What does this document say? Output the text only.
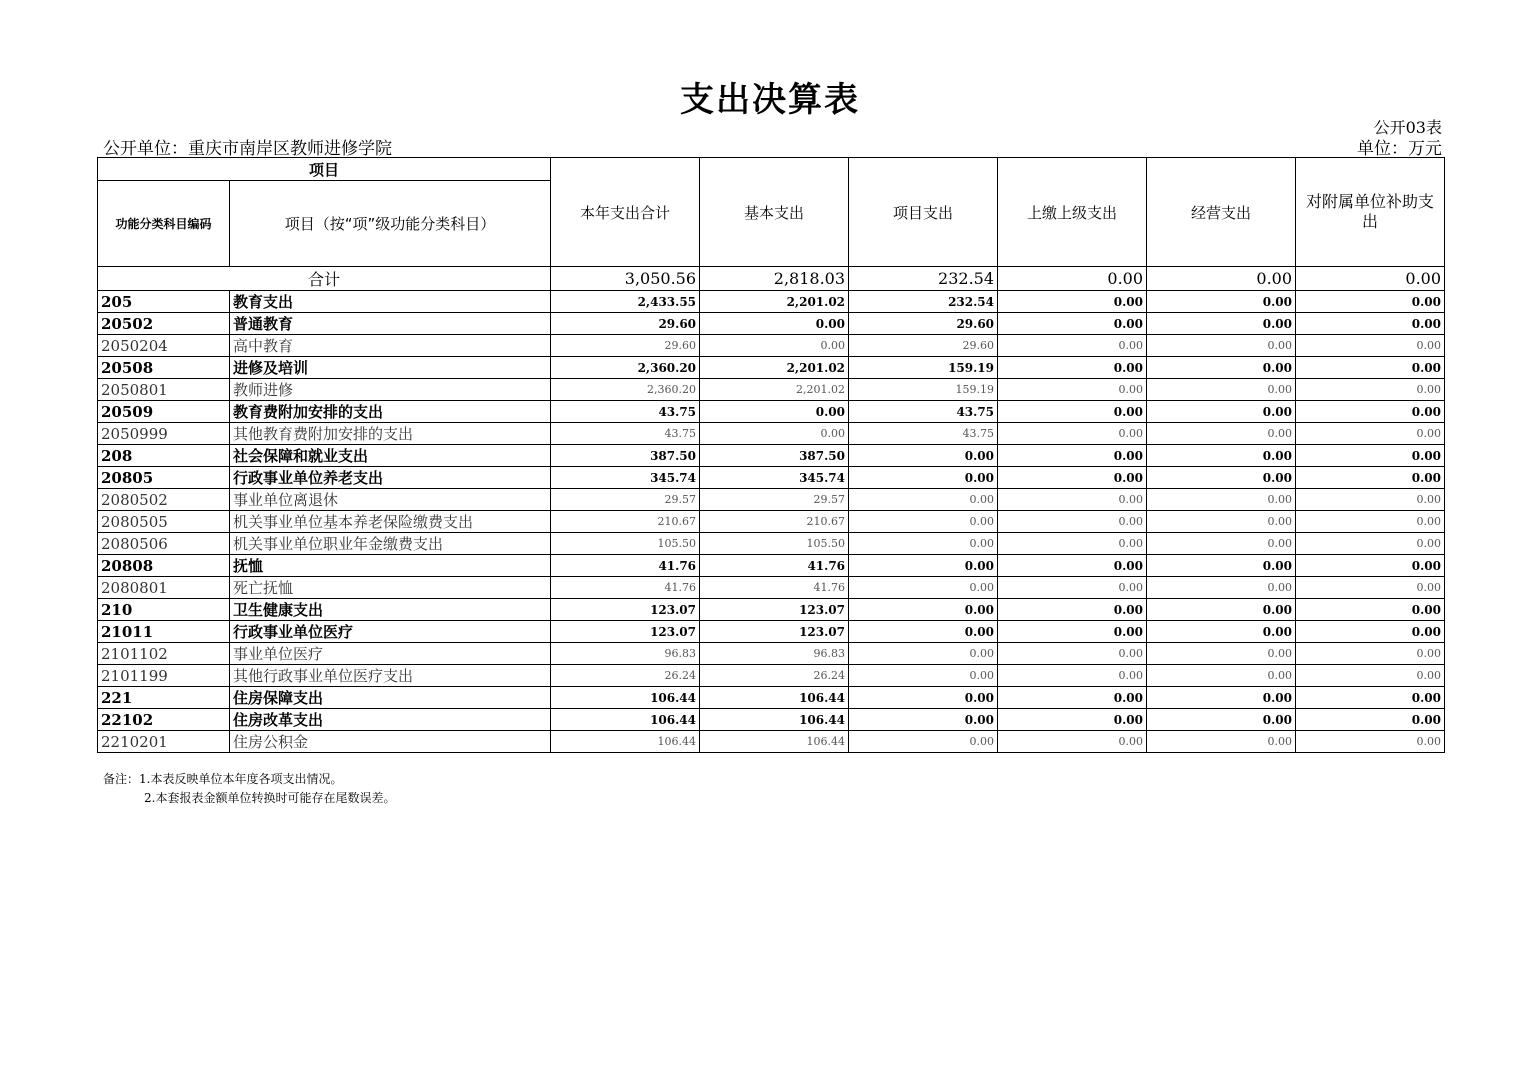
支出决算表
公开03表
公开单位：重庆市南岸区教师进修学院	单位：万元
项目		本年支出合计	基本支出	项目支出	上缴上级支出	经营支出	对附属单位补助支出
功能分类科目编码	项目（按“项”级功能分类科目）						
合计		3,050.56	2,818.03	232.54	0.00	0.00	0.00
205	教育支出	2,433.55	2,201.02	232.54	0.00	0.00	0.00
20502	普通教育	29.60	0.00	29.60	0.00	0.00	0.00
2050204	高中教育	29.60	0.00	29.60	0.00	0.00	0.00
20508	进修及培训	2,360.20	2,201.02	159.19	0.00	0.00	0.00
2050801	教师进修	2,360.20	2,201.02	159.19	0.00	0.00	0.00
20509	教育费附加安排的支出	43.75	0.00	43.75	0.00	0.00	0.00
2050999	其他教育费附加安排的支出	43.75	0.00	43.75	0.00	0.00	0.00
208	社会保障和就业支出	387.50	387.50	0.00	0.00	0.00	0.00
20805	行政事业单位养老支出	345.74	345.74	0.00	0.00	0.00	0.00
2080502	事业单位离退休	29.57	29.57	0.00	0.00	0.00	0.00
2080505	机关事业单位基本养老保险缴费支出	210.67	210.67	0.00	0.00	0.00	0.00
2080506	机关事业单位职业年金缴费支出	105.50	105.50	0.00	0.00	0.00	0.00
20808	抚恤	41.76	41.76	0.00	0.00	0.00	0.00
2080801	死亡抚恤	41.76	41.76	0.00	0.00	0.00	0.00
210	卫生健康支出	123.07	123.07	0.00	0.00	0.00	0.00
21011	行政事业单位医疗	123.07	123.07	0.00	0.00	0.00	0.00
2101102	事业单位医疗	96.83	96.83	0.00	0.00	0.00	0.00
2101199	其他行政事业单位医疗支出	26.24	26.24	0.00	0.00	0.00	0.00
221	住房保障支出	106.44	106.44	0.00	0.00	0.00	0.00
22102	住房改革支出	106.44	106.44	0.00	0.00	0.00	0.00
2210201	住房公积金	106.44	106.44	0.00	0.00	0.00	0.00
备注：1.本表反映单位本年度各项支出情况。
2.本套报表金额单位转换时可能存在尾数误差。
